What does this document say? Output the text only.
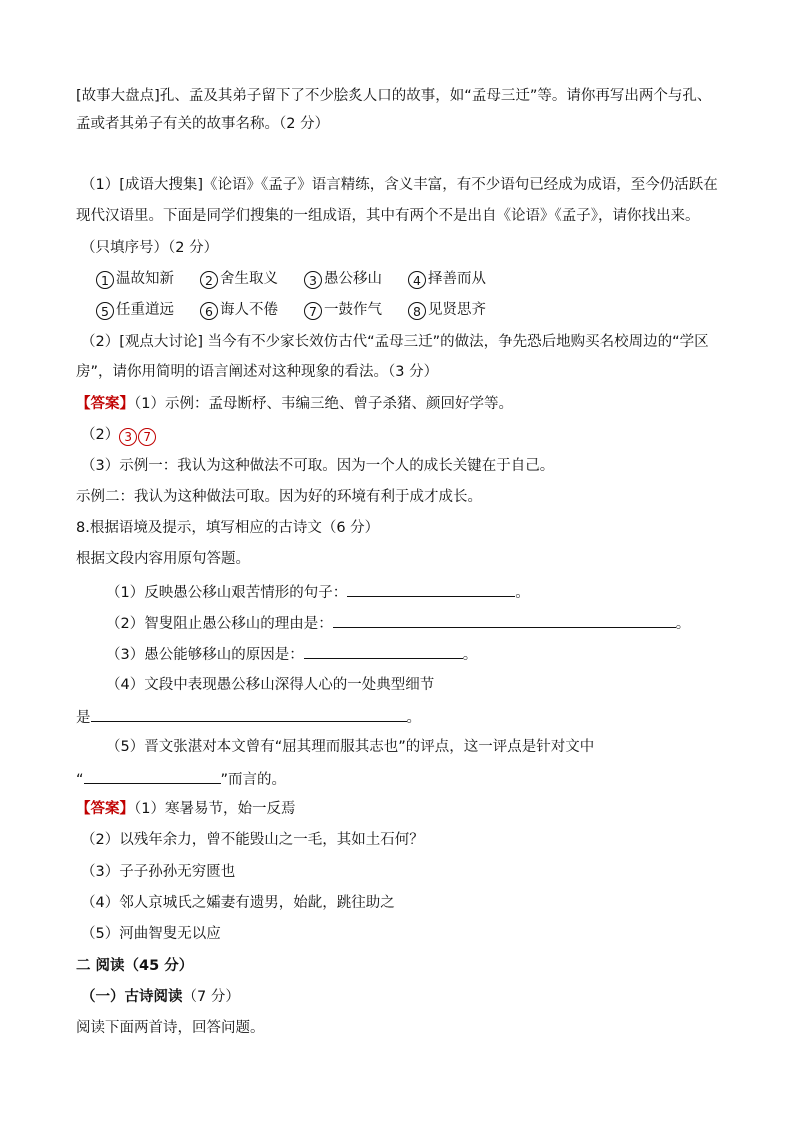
[故事大盘点]孔、孟及其弟子留下了不少脍炙人口的故事，如“孟母三迁”等。请你再写出两个与孔、
孟或者其弟子有关的故事名称。（2 分）
（1）[成语大搜集]《论语》《孟子》语言精练，含义丰富，有不少语句已经成为成语，至今仍活跃在
现代汉语里。下面是同学们搜集的一组成语，其中有两个不是出自《论语》《孟子》，请你找出来。
（只填序号）（2 分）
1 温故知新 2 舍生取义 3 愚公移山 4 择善而从
5 任重道远 6 诲人不倦 7 一鼓作气 8 见贤思齐
（2）[观点大讨论] 当今有不少家长效仿古代“孟母三迁”的做法，争先恐后地购买名校周边的“学区
房”，请你用简明的语言阐述对这种现象的看法。（3 分）
【答案】（1）示例：孟母断杼、韦编三绝、曾子杀猪、颜回好学等。
（2） 3 7
（3）示例一：我认为这种做法不可取。因为一个人的成长关键在于自己。
示例二：我认为这种做法可取。因为好的环境有利于成才成长。
8.根据语境及提示，填写相应的古诗文（6 分）
根据文段内容用原句答题。
（1）反映愚公移山艰苦情形的句子：	。
（2）智叟阻止愚公移山的理由是：	。
（3）愚公能够移山的原因是：	。
（4）文段中表现愚公移山深得人心的一处典型细节
是	。
（5）晋文张湛对本文曾有“屈其理而服其志也”的评点，这一评点是针对文中
“	”而言的。
【答案】（1）寒暑易节，始一反焉
（2）以残年余力，曾不能毁山之一毛，其如土石何？
（3）子子孙孙无穷匮也
（4）邻人京城氏之孀妻有遗男，始龀，跳往助之
（5）河曲智叟无以应
二 阅读（45 分）
（一）古诗阅读（7 分）
阅读下面两首诗，回答问题。
